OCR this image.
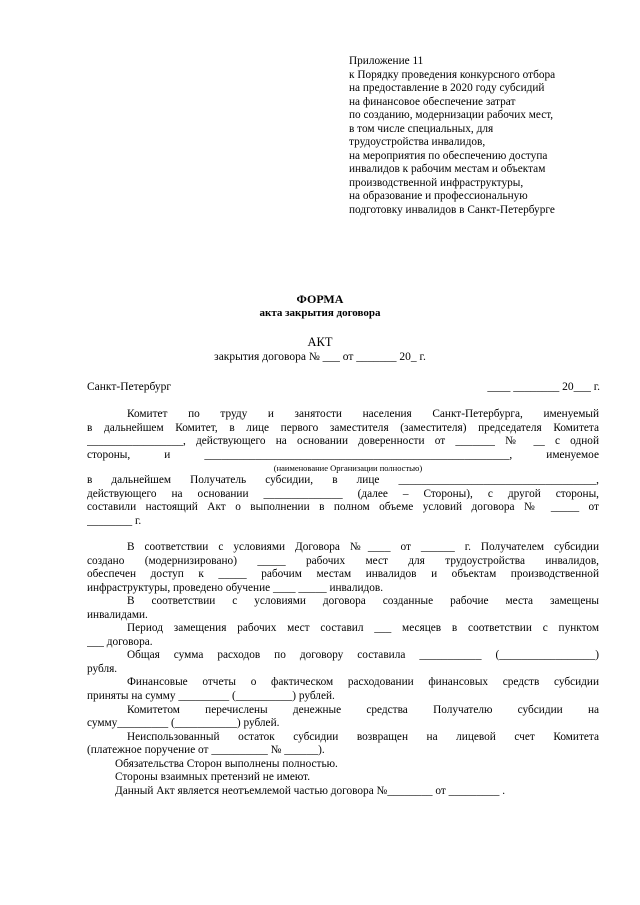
Приложение 11
к Порядку проведения конкурсного отбора
на предоставление в 2020 году субсидий
на финансовое обеспечение затрат
по созданию, модернизации рабочих мест,
в том числе специальных, для
трудоустройства инвалидов,
на мероприятия по обеспечению доступа
инвалидов к рабочим местам и объектам
производственной инфраструктуры,
на образование и профессиональную
подготовку инвалидов в Санкт-Петербурге
ФОРМА
акта закрытия договора
АКТ
закрытия договора № ___ от _______ 20_ г.
Санкт-Петербург	____ ________ 20___ г.
Комитет по труду и занятости населения Санкт-Петербурга, именуемый
в дальнейшем Комитет, в лице первого заместителя (заместителя) председателя Комитета
_________________, действующего на основании доверенности от _______ № __ с одной
стороны, и ______________________________________________________, именуемое
(наименование Организации полностью)
в дальнейшем Получатель субсидии, в лице ___________________________________,
действующего на основании ______________ (далее – Стороны), с другой стороны,
составили настоящий Акт о выполнении в полном объеме условий договора № _____ от
________ г.
В соответствии с условиями Договора №____ от ______ г. Получателем субсидии
создано (модернизировано) _____ рабочих мест для трудоустройства инвалидов,
обеспечен доступ к _____ рабочим местам инвалидов и объектам производственной
инфраструктуры, проведено обучение ____ _____ инвалидов.
В соответствии с условиями договора созданные рабочие места замещены
инвалидами.
Период замещения рабочих мест составил ___ месяцев в соответствии с пунктом
___ договора.
Общая сумма расходов по договору составила ___________ (_________________)
рубля.
Финансовые отчеты о фактическом расходовании финансовых средств субсидии
приняты на сумму _________ (__________) рублей.
Комитетом перечислены денежные средства Получателю субсидии на
сумму_________ (___________) рублей.
Неиспользованный остаток субсидии возвращен на лицевой счет Комитета
(платежное поручение от __________ № ______).
Обязательства Сторон выполнены полностью.
Стороны взаимных претензий не имеют.
Данный Акт является неотъемлемой частью договора №________ от _________ .
